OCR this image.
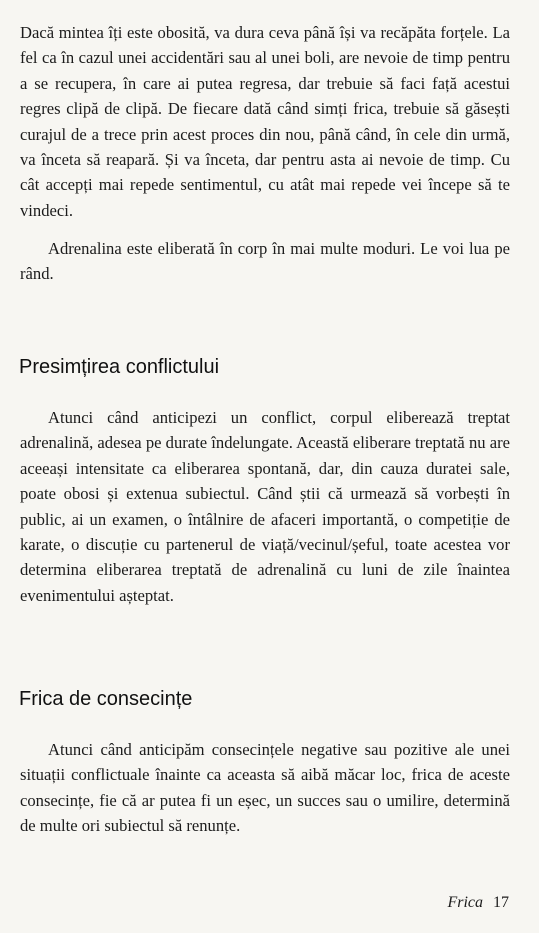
Dacă mintea îți este obosită, va dura ceva până își va recăpăta forțele. La fel ca în cazul unei accidentări sau al unei boli, are nevoie de timp pentru a se recupera, în care ai putea regresa, dar trebuie să faci față acestui regres clipă de clipă. De fiecare dată când simți frica, trebuie să găsești curajul de a trece prin acest proces din nou, până când, în cele din urmă, va înceta să reapară. Și va înceta, dar pentru asta ai nevoie de timp. Cu cât accepți mai repede sentimentul, cu atât mai repede vei începe să te vindeci.

Adrenalina este eliberată în corp în mai multe moduri. Le voi lua pe rând.

Presimțirea conflictului

Atunci când anticipezi un conflict, corpul eliberează treptat adrenalină, adesea pe durate îndelungate. Această eliberare treptată nu are aceeași intensitate ca eliberarea spontană, dar, din cauza duratei sale, poate obosi și extenua subiectul. Când știi că urmează să vorbești în public, ai un examen, o întâlnire de afaceri importantă, o competiție de karate, o discuție cu partenerul de viață/vecinul/șeful, toate acestea vor determina eliberarea treptată de adrenalină cu luni de zile înaintea evenimentului așteptat.

Frica de consecințe

Atunci când anticipăm consecințele negative sau pozitive ale unei situații conflictuale înainte ca aceasta să aibă măcar loc, frica de aceste consecințe, fie că ar putea fi un eșec, un succes sau o umilire, determină de multe ori subiectul să renunțe.

Frica 17
